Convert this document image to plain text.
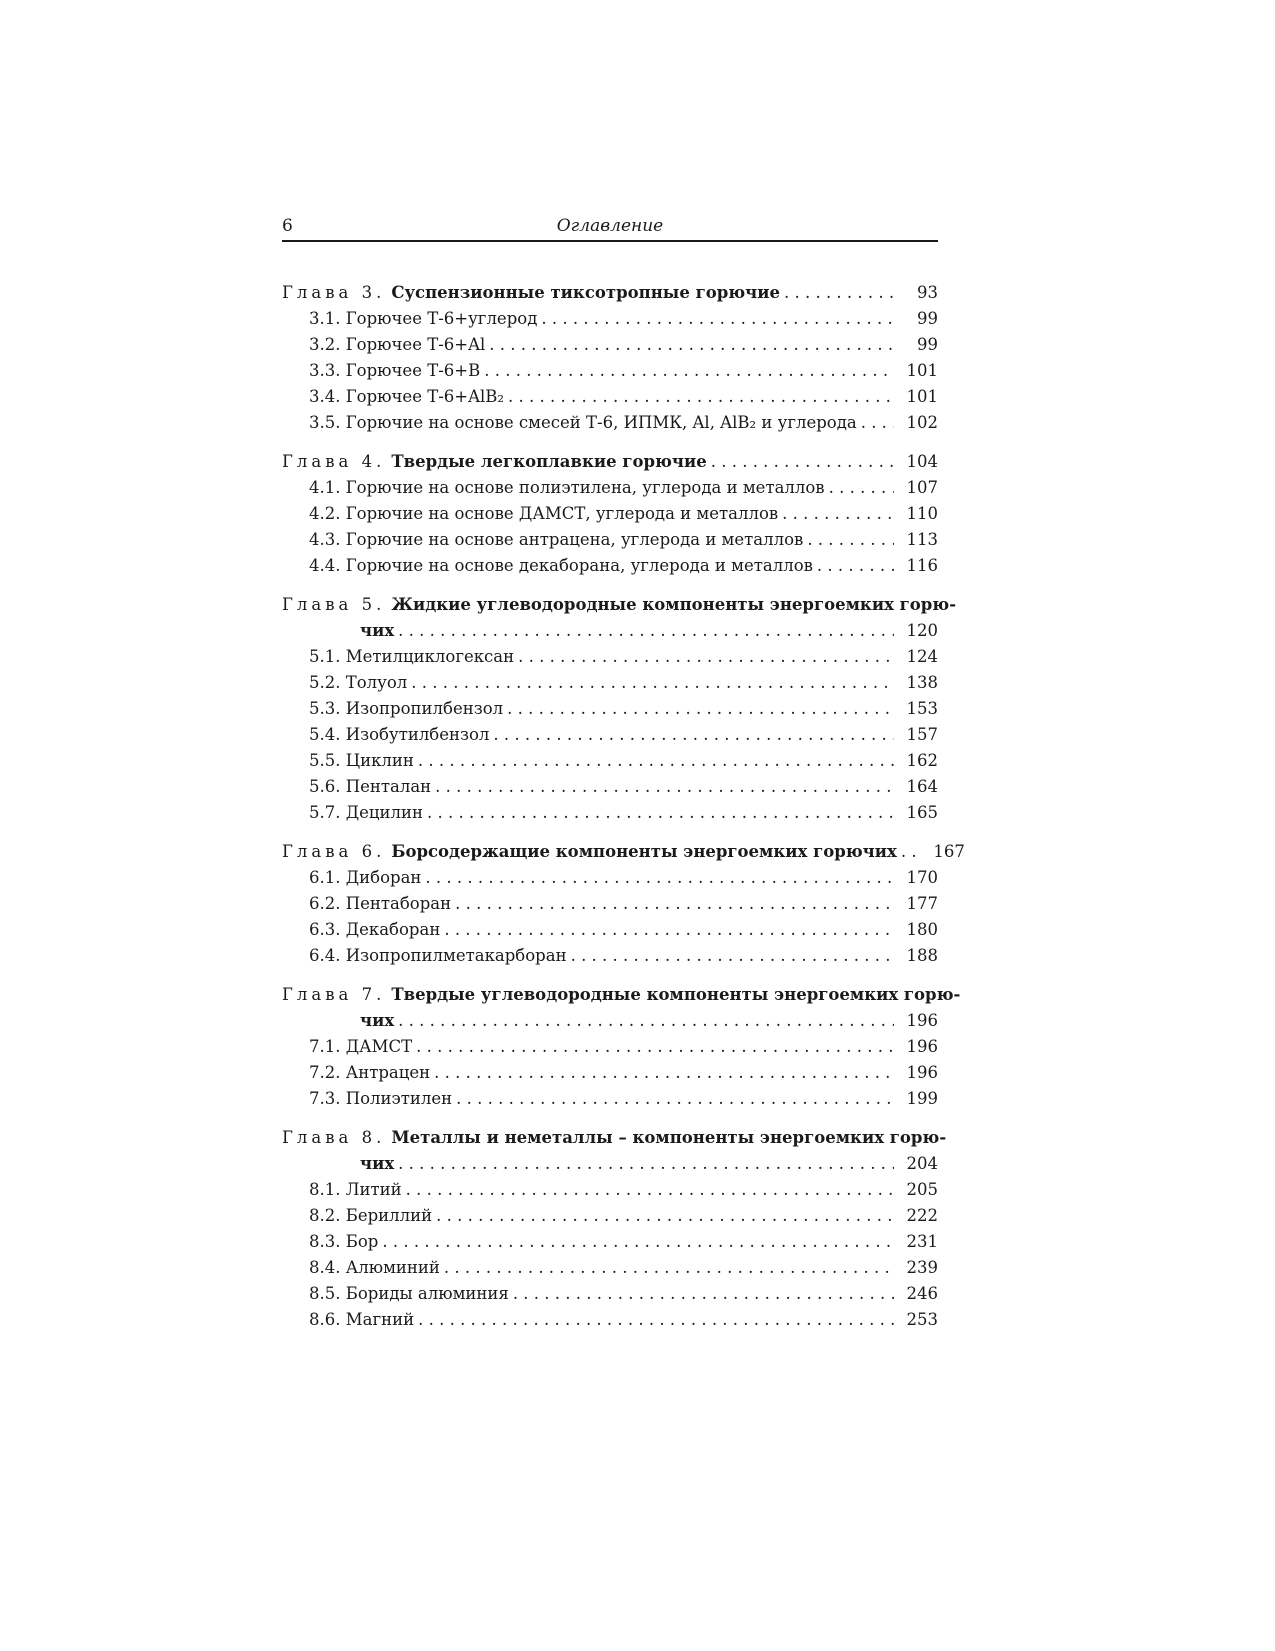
6	Оглавление
Глава 3. Суспензионные тиксотропные горючие . . .	93
3.1. Горючее Т-6+углерод . . .	99
3.2. Горючее Т-6+Al . . .	99
3.3. Горючее Т-6+B . . .	101
3.4. Горючее Т-6+AlB₂ . . .	101
3.5. Горючие на основе смесей Т-6, ИПМК, Al, AlB₂ и углерода . . .	102
Глава 4. Твердые легкоплавкие горючие . . .	104
4.1. Горючие на основе полиэтилена, углерода и металлов . . .	107
4.2. Горючие на основе ДАМСТ, углерода и металлов . . .	110
4.3. Горючие на основе антрацена, углерода и металлов . . .	113
4.4. Горючие на основе декаборана, углерода и металлов . . .	116
Глава 5. Жидкие углеводородные компоненты энергоемких горю-
чих . . .	120
5.1. Метилциклогексан . . .	124
5.2. Толуол . . .	138
5.3. Изопропилбензол . . .	153
5.4. Изобутилбензол . . .	157
5.5. Циклин . . .	162
5.6. Пенталан . . .	164
5.7. Децилин . . .	165
Глава 6. Борсодержащие компоненты энергоемких горючих . . .	167
6.1. Диборан . . .	170
6.2. Пентаборан . . .	177
6.3. Декаборан . . .	180
6.4. Изопропилметакарборан . . .	188
Глава 7. Твердые углеводородные компоненты энергоемких горю-
чих . . .	196
7.1. ДАМСТ . . .	196
7.2. Антрацен . . .	196
7.3. Полиэтилен . . .	199
Глава 8. Металлы и неметаллы – компоненты энергоемких горю-
чих . . .	204
8.1. Литий . . .	205
8.2. Бериллий . . .	222
8.3. Бор . . .	231
8.4. Алюминий . . .	239
8.5. Бориды алюминия . . .	246
8.6. Магний . . .	253
